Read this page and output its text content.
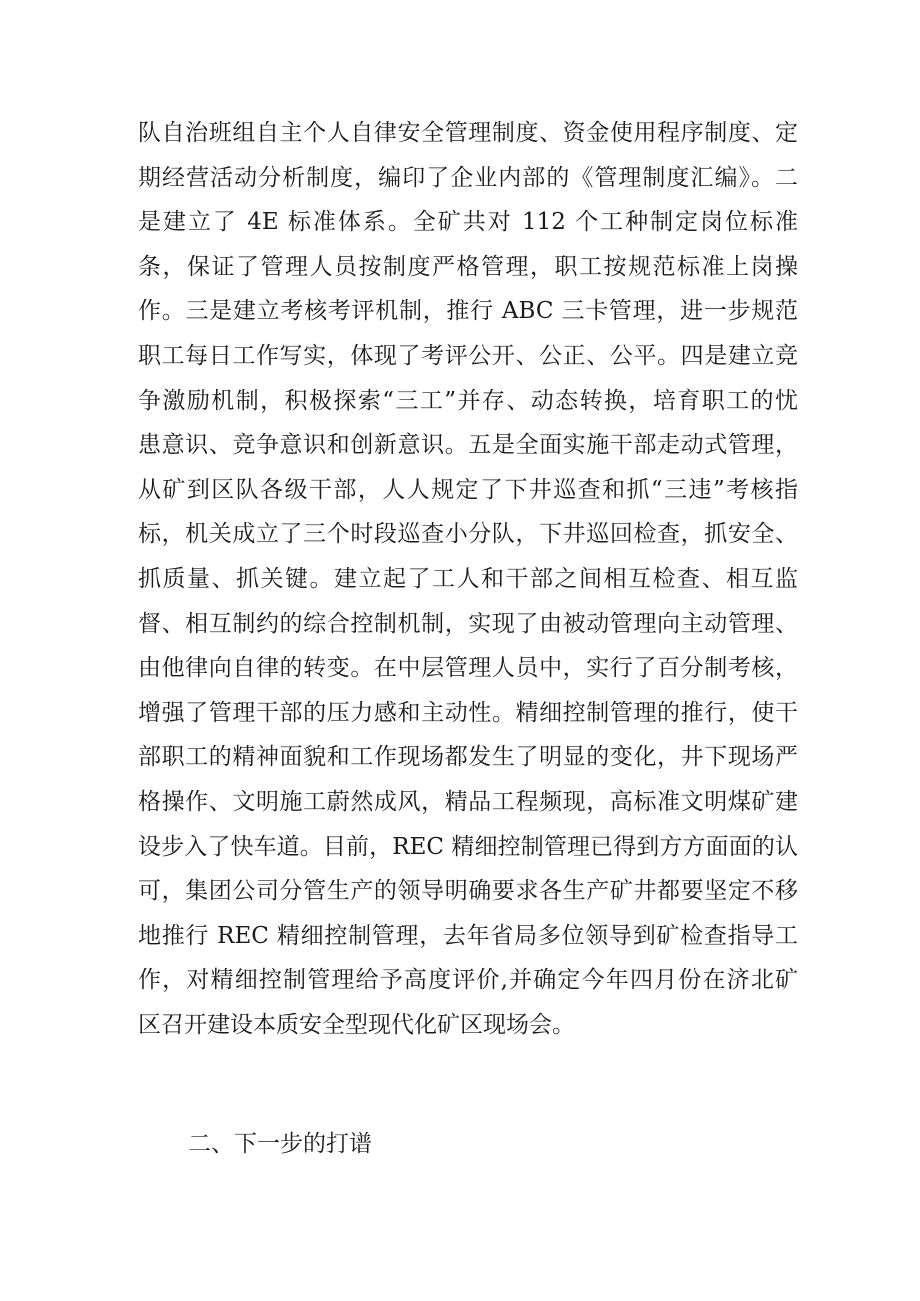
队自治班组自主个人自律安全管理制度、资金使用程序制度、定
期经营活动分析制度，编印了企业内部的《管理制度汇编》。二
是建立了 4E 标准体系。全矿共对 112 个工种制定岗位标准
条，保证了管理人员按制度严格管理，职工按规范标准上岗操
作。三是建立考核考评机制，推行 ABC 三卡管理，进一步规范
职工每日工作写实，体现了考评公开、公正、公平。四是建立竞
争激励机制，积极探索“三工”并存、动态转换，培育职工的忧
患意识、竞争意识和创新意识。五是全面实施干部走动式管理，
从矿到区队各级干部，人人规定了下井巡查和抓“三违”考核指
标，机关成立了三个时段巡查小分队，下井巡回检查，抓安全、
抓质量、抓关键。建立起了工人和干部之间相互检查、相互监
督、相互制约的综合控制机制，实现了由被动管理向主动管理、
由他律向自律的转变。在中层管理人员中，实行了百分制考核，
增强了管理干部的压力感和主动性。精细控制管理的推行，使干
部职工的精神面貌和工作现场都发生了明显的变化，井下现场严
格操作、文明施工蔚然成风，精品工程频现，高标准文明煤矿建
设步入了快车道。目前，REC 精细控制管理已得到方方面面的认
可，集团公司分管生产的领导明确要求各生产矿井都要坚定不移
地推行 REC 精细控制管理，去年省局多位领导到矿检查指导工
作，对精细控制管理给予高度评价,并确定今年四月份在济北矿
区召开建设本质安全型现代化矿区现场会。
二、下一步的打谱
